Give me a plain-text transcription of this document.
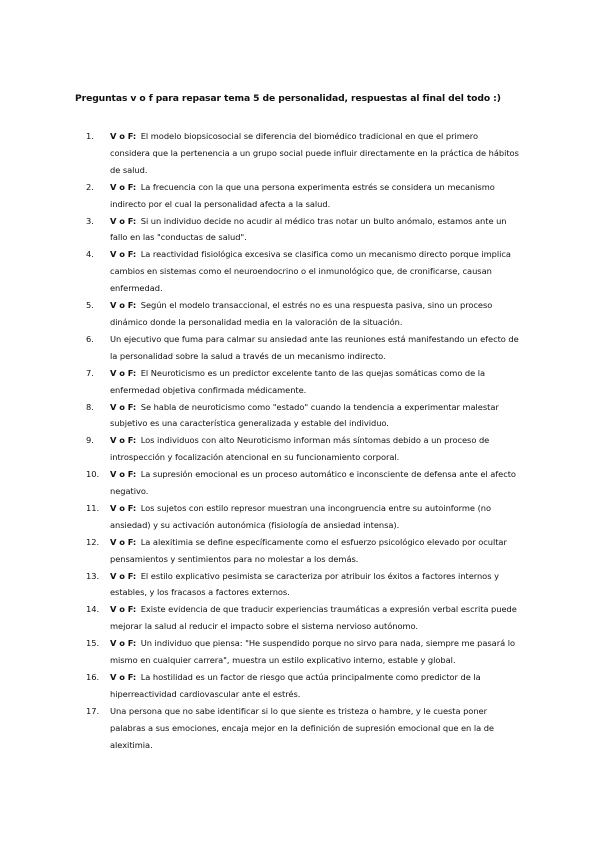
Preguntas v o f para repasar tema 5 de personalidad, respuestas al final del todo :)
1.	V o F: El modelo biopsicosocial se diferencia del biomédico tradicional en que el primero considera que la pertenencia a un grupo social puede influir directamente en la práctica de hábitos de salud.
2.	V o F: La frecuencia con la que una persona experimenta estrés se considera un mecanismo indirecto por el cual la personalidad afecta a la salud.
3.	V o F: Si un individuo decide no acudir al médico tras notar un bulto anómalo, estamos ante un fallo en las "conductas de salud".
4.	V o F: La reactividad fisiológica excesiva se clasifica como un mecanismo directo porque implica cambios en sistemas como el neuroendocrino o el inmunológico que, de cronificarse, causan enfermedad.
5.	V o F: Según el modelo transaccional, el estrés no es una respuesta pasiva, sino un proceso dinámico donde la personalidad media en la valoración de la situación.
6.	Un ejecutivo que fuma para calmar su ansiedad ante las reuniones está manifestando un efecto de la personalidad sobre la salud a través de un mecanismo indirecto.
7.	V o F: El Neuroticismo es un predictor excelente tanto de las quejas somáticas como de la enfermedad objetiva confirmada médicamente.
8.	V o F: Se habla de neuroticismo como "estado" cuando la tendencia a experimentar malestar subjetivo es una característica generalizada y estable del individuo.
9.	V o F: Los individuos con alto Neuroticismo informan más síntomas debido a un proceso de introspección y focalización atencional en su funcionamiento corporal.
10.	V o F: La supresión emocional es un proceso automático e inconsciente de defensa ante el afecto negativo.
11.	V o F: Los sujetos con estilo represor muestran una incongruencia entre su autoinforme (no ansiedad) y su activación autonómica (fisiología de ansiedad intensa).
12.	V o F: La alexitimia se define específicamente como el esfuerzo psicológico elevado por ocultar pensamientos y sentimientos para no molestar a los demás.
13.	V o F: El estilo explicativo pesimista se caracteriza por atribuir los éxitos a factores internos y estables, y los fracasos a factores externos.
14.	V o F: Existe evidencia de que traducir experiencias traumáticas a expresión verbal escrita puede mejorar la salud al reducir el impacto sobre el sistema nervioso autónomo.
15.	V o F: Un individuo que piensa: "He suspendido porque no sirvo para nada, siempre me pasará lo mismo en cualquier carrera", muestra un estilo explicativo interno, estable y global.
16.	V o F: La hostilidad es un factor de riesgo que actúa principalmente como predictor de la hiperreactividad cardiovascular ante el estrés.
17.	Una persona que no sabe identificar si lo que siente es tristeza o hambre, y le cuesta poner palabras a sus emociones, encaja mejor en la definición de supresión emocional que en la de alexitimia.
